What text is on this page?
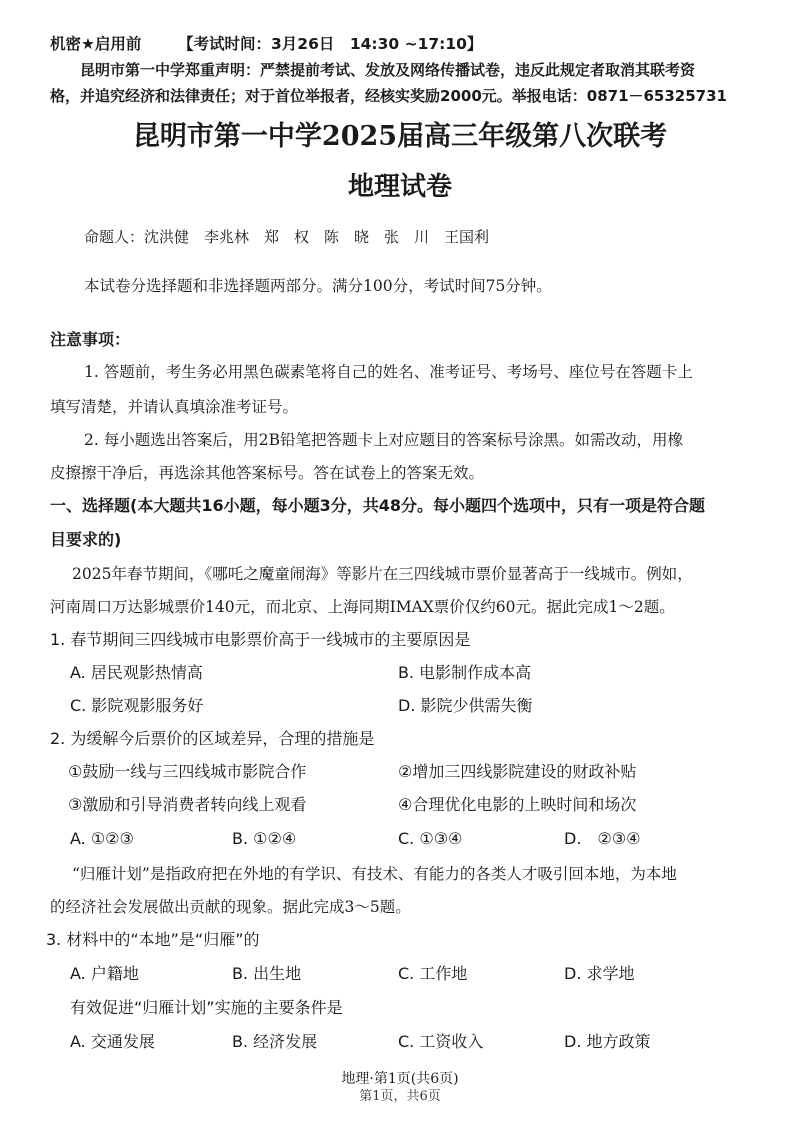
机密★启用前 【考试时间：3月26日　14:30 ~17:10】
昆明市第一中学郑重声明：严禁提前考试、发放及网络传播试卷，违反此规定者取消其联考资
格，并追究经济和法律责任；对于首位举报者，经核实奖励2000元。举报电话：0871－65325731
昆明市第一中学2025届高三年级第八次联考
地理试卷
命题人：沈洪健　李兆林　郑　权　陈　晓　张　川　王国利
本试卷分选择题和非选择题两部分。满分100分，考试时间75分钟。
注意事项：
1. 答题前，考生务必用黑色碳素笔将自己的姓名、准考证号、考场号、座位号在答题卡上
填写清楚，并请认真填涂准考证号。
2. 每小题选出答案后，用2B铅笔把答题卡上对应题目的答案标号涂黑。如需改动，用橡
皮擦擦干净后，再选涂其他答案标号。答在试卷上的答案无效。
一、选择题(本大题共16小题，每小题3分，共48分。每小题四个选项中，只有一项是符合题
目要求的)
2025年春节期间，《哪吒之魔童闹海》等影片在三四线城市票价显著高于一线城市。例如，
河南周口万达影城票价140元，而北京、上海同期IMAX票价仅约60元。据此完成1～2题。
1. 春节期间三四线城市电影票价高于一线城市的主要原因是
A. 居民观影热情高	B. 电影制作成本高
C. 影院观影服务好	D. 影院少供需失衡
2. 为缓解今后票价的区域差异，合理的措施是
①鼓励一线与三四线城市影院合作	②增加三四线影院建设的财政补贴
③激励和引导消费者转向线上观看	④合理优化电影的上映时间和场次
A. ①②③	B. ①②④	C. ①③④	D.　②③④
“归雁计划”是指政府把在外地的有学识、有技术、有能力的各类人才吸引回本地，为本地
的经济社会发展做出贡献的现象。据此完成3～5题。
3. 材料中的“本地”是“归雁”的
A. 户籍地	B. 出生地	C. 工作地	D. 求学地
有效促进“归雁计划”实施的主要条件是
A. 交通发展	B. 经济发展	C. 工资收入	D. 地方政策
地理·第1页(共6页)
第1页，共6页
